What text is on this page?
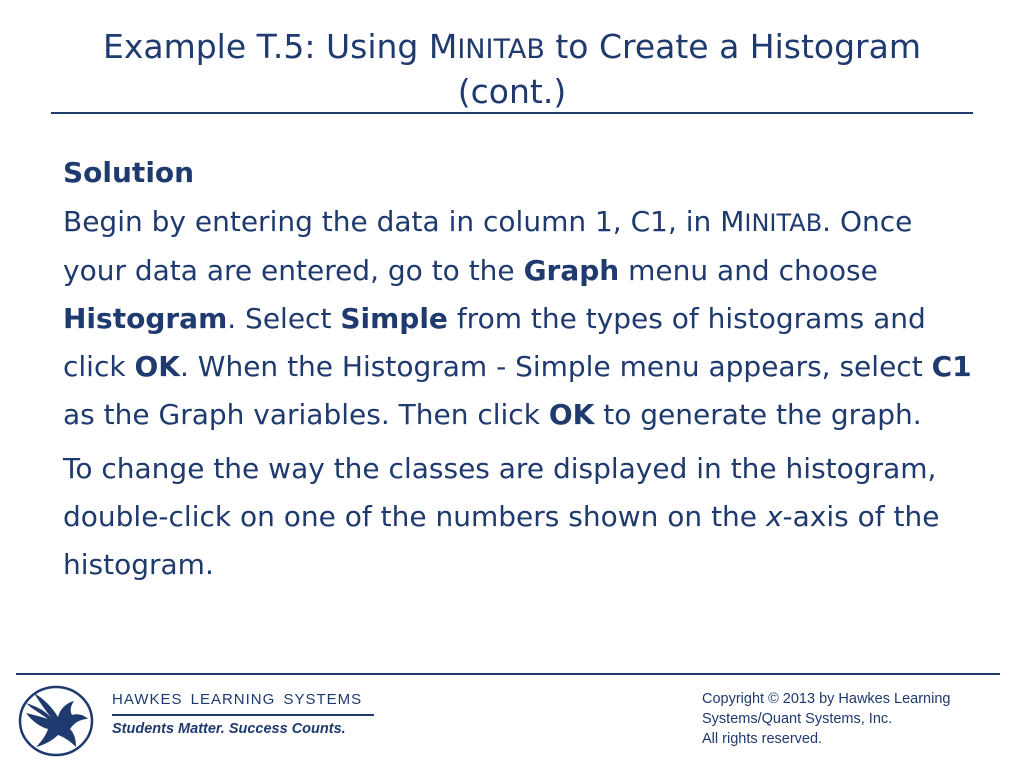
Example T.5: Using MINITAB to Create a Histogram
(cont.)
Solution
Begin by entering the data in column 1, C1, in MINITAB. Once your data are entered, go to the Graph menu and choose Histogram. Select Simple from the types of histograms and click OK. When the Histogram - Simple menu appears, select C1 as the Graph variables. Then click OK to generate the graph.
To change the way the classes are displayed in the histogram, double-click on one of the numbers shown on the x-axis of the histogram.
HAWKES LEARNING SYSTEMS
Students Matter. Success Counts.
Copyright © 2013 by Hawkes Learning
Systems/Quant Systems, Inc.
All rights reserved.
